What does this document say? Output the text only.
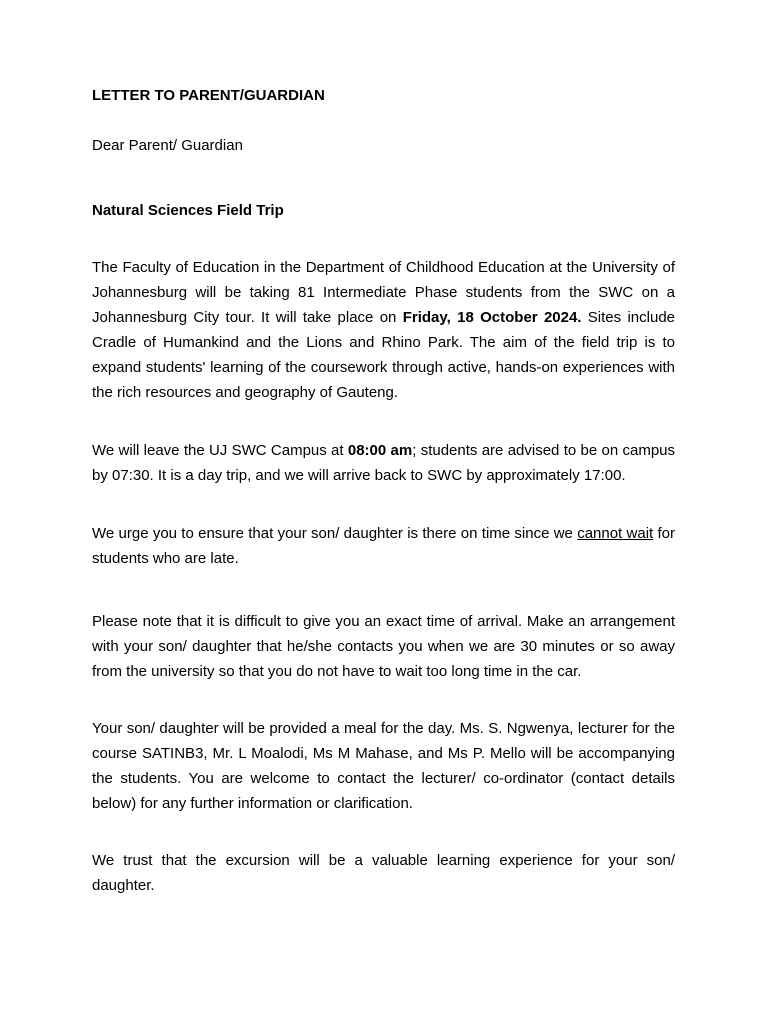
LETTER TO PARENT/GUARDIAN
Dear Parent/ Guardian
Natural Sciences Field Trip

The Faculty of Education in the Department of Childhood Education at the University of Johannesburg will be taking 81 Intermediate Phase students from the SWC on a Johannesburg City tour. It will take place on Friday, 18 October 2024. Sites include Cradle of Humankind and the Lions and Rhino Park. The aim of the field trip is to expand students' learning of the coursework through active, hands-on experiences with the rich resources and geography of Gauteng.

We will leave the UJ SWC Campus at 08:00 am; students are advised to be on campus by 07:30. It is a day trip, and we will arrive back to SWC by approximately 17:00.

We urge you to ensure that your son/ daughter is there on time since we cannot wait for students who are late.

Please note that it is difficult to give you an exact time of arrival. Make an arrangement with your son/ daughter that he/she contacts you when we are 30 minutes or so away from the university so that you do not have to wait too long time in the car.

Your son/ daughter will be provided a meal for the day. Ms. S. Ngwenya, lecturer for the course SATINB3, Mr. L Moalodi, Ms M Mahase, and Ms P. Mello will be accompanying the students. You are welcome to contact the lecturer/ co-ordinator (contact details below) for any further information or clarification.

We trust that the excursion will be a valuable learning experience for your son/ daughter.
